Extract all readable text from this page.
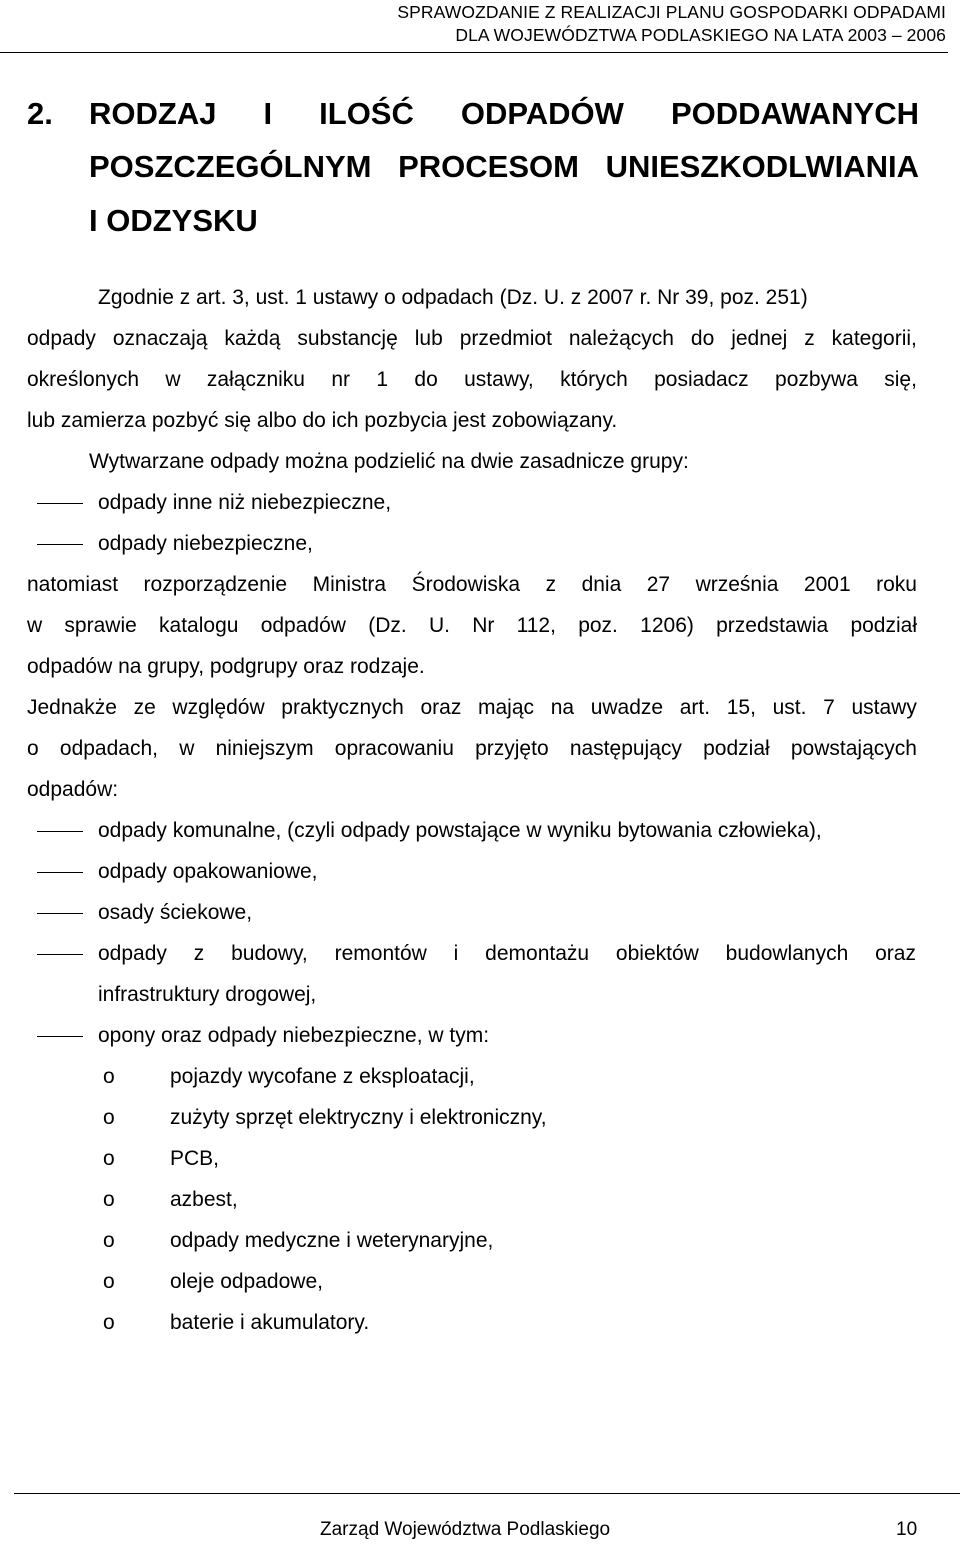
SPRAWOZDANIE Z REALIZACJI PLANU GOSPODARKI ODPADAMI
DLA WOJEWÓDZTWA PODLASKIEGO NA LATA 2003 – 2006
2. RODZAJ I ILOŚĆ ODPADÓW PODDAWANYCH
POSZCZEGÓLNYM PROCESOM UNIESZKODLWIANIA
I ODZYSKU
Zgodnie z art. 3, ust. 1 ustawy o odpadach (Dz. U. z 2007 r. Nr 39, poz. 251)
odpady oznaczają każdą substancję lub przedmiot należących do jednej z kategorii,
określonych w załączniku nr 1 do ustawy, których posiadacz pozbywa się,
lub zamierza pozbyć się albo do ich pozbycia jest zobowiązany.
Wytwarzane odpady można podzielić na dwie zasadnicze grupy:
odpady inne niż niebezpieczne,
odpady niebezpieczne,
natomiast rozporządzenie Ministra Środowiska z dnia 27 września 2001 roku
w sprawie katalogu odpadów (Dz. U. Nr 112, poz. 1206) przedstawia podział
odpadów na grupy, podgrupy oraz rodzaje.
Jednakże ze względów praktycznych oraz mając na uwadze art. 15, ust. 7 ustawy
o odpadach, w niniejszym opracowaniu przyjęto następujący podział powstających
odpadów:
odpady komunalne, (czyli odpady powstające w wyniku bytowania człowieka),
odpady opakowaniowe,
osady ściekowe,
odpady z budowy, remontów i demontażu obiektów budowlanych oraz
infrastruktury drogowej,
opony oraz odpady niebezpieczne, w tym:
o	pojazdy wycofane z eksploatacji,
o	zużyty sprzęt elektryczny i elektroniczny,
o	PCB,
o	azbest,
o	odpady medyczne i weterynaryjne,
o	oleje odpadowe,
o	baterie i akumulatory.
Zarząd Województwa Podlaskiego	10
